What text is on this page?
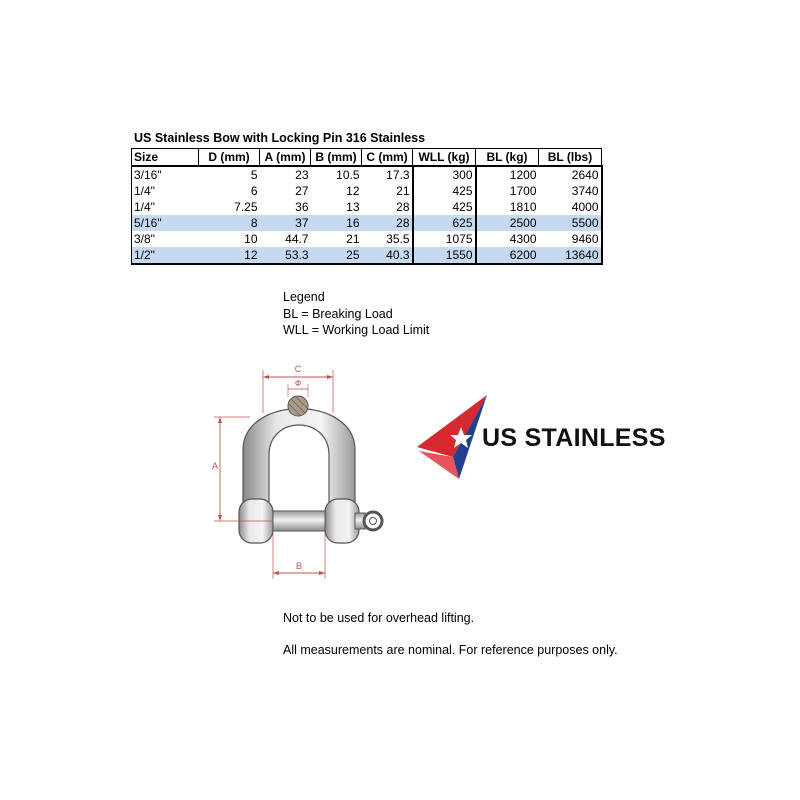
US Stainless Bow with Locking Pin 316 Stainless
Size	D (mm)	A (mm)	B (mm)	C (mm)	WLL (kg)	BL (kg)	BL (lbs)
3/16"	5	23	10.5	17.3	300	1200	2640
1/4"	6	27	12	21	425	1700	3740
1/4"	7.25	36	13	28	425	1810	4000
5/16"	8	37	16	28	625	2500	5500
3/8"	10	44.7	21	35.5	1075	4300	9460
1/2"	12	53.3	25	40.3	1550	6200	13640
Legend
BL = Breaking Load
WLL = Working Load Limit
C
Φ
A
B
US STAINLESS

Not to be used for overhead lifting.

All measurements are nominal. For reference purposes only.
